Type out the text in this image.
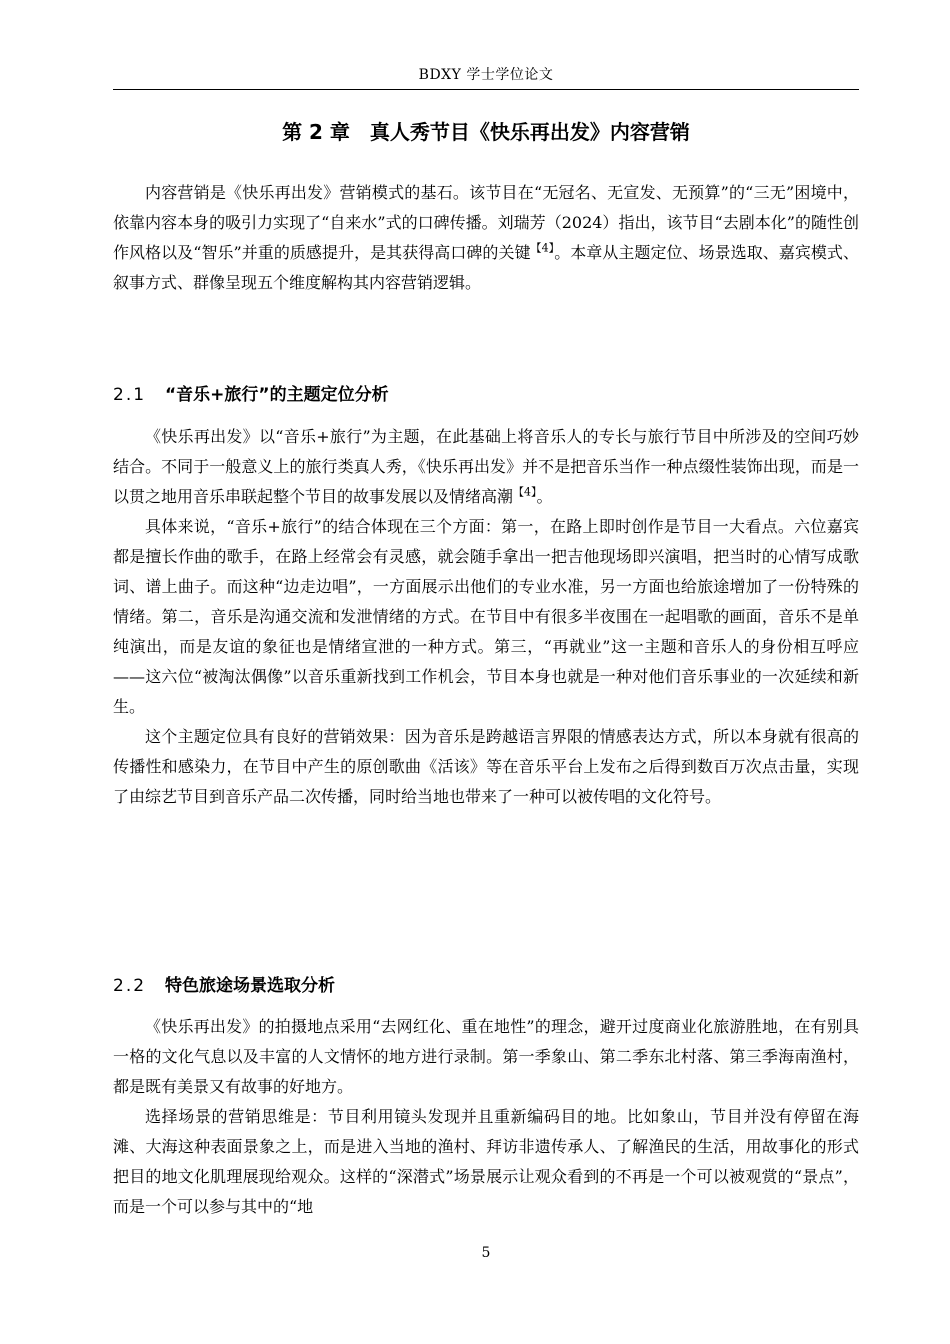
BDXY 学士学位论文
第 2 章　真人秀节目《快乐再出发》内容营销

内容营销是《快乐再出发》营销模式的基石。该节目在“无冠名、无宣发、无预算”的“三无”困境中，依靠内容本身的吸引力实现了“自来水”式的口碑传播。刘瑞芳（2024）指出，该节目“去剧本化”的随性创作风格以及“智乐”并重的质感提升，是其获得高口碑的关键$^{【4】}$。本章从主题定位、场景选取、嘉宾模式、叙事方式、群像呈现五个维度解构其内容营销逻辑。

2.1 “音乐+旅行”的主题定位分析

《快乐再出发》以“音乐+旅行”为主题，在此基础上将音乐人的专长与旅行节目中所涉及的空间巧妙结合。不同于一般意义上的旅行类真人秀，《快乐再出发》并不是把音乐当作一种点缀性装饰出现，而是一以贯之地用音乐串联起整个节目的故事发展以及情绪高潮$^{【4】}$。

具体来说，“音乐+旅行”的结合体现在三个方面：第一，在路上即时创作是节目一大看点。六位嘉宾都是擅长作曲的歌手，在路上经常会有灵感，就会随手拿出一把吉他现场即兴演唱，把当时的心情写成歌词、谱上曲子。而这种“边走边唱”，一方面展示出他们的专业水准，另一方面也给旅途增加了一份特殊的情绪。第二，音乐是沟通交流和发泄情绪的方式。在节目中有很多半夜围在一起唱歌的画面，音乐不是单纯演出，而是友谊的象征也是情绪宣泄的一种方式。第三，“再就业”这一主题和音乐人的身份相互呼应——这六位“被淘汰偶像”以音乐重新找到工作机会，节目本身也就是一种对他们音乐事业的一次延续和新生。

这个主题定位具有良好的营销效果：因为音乐是跨越语言界限的情感表达方式，所以本身就有很高的传播性和感染力，在节目中产生的原创歌曲《活该》等在音乐平台上发布之后得到数百万次点击量，实现了由综艺节目到音乐产品二次传播，同时给当地也带来了一种可以被传唱的文化符号。

2.2 特色旅途场景选取分析

《快乐再出发》的拍摄地点采用“去网红化、重在地性”的理念，避开过度商业化旅游胜地，在有别具一格的文化气息以及丰富的人文情怀的地方进行录制。第一季象山、第二季东北村落、第三季海南渔村，都是既有美景又有故事的好地方。

选择场景的营销思维是：节目利用镜头发现并且重新编码目的地。比如象山，节目并没有停留在海滩、大海这种表面景象之上，而是进入当地的渔村、拜访非遗传承人、了解渔民的生活，用故事化的形式把目的地文化肌理展现给观众。这样的“深潜式”场景展示让观众看到的不再是一个可以被观赏的“景点”，而是一个可以参与其中的“地

5
